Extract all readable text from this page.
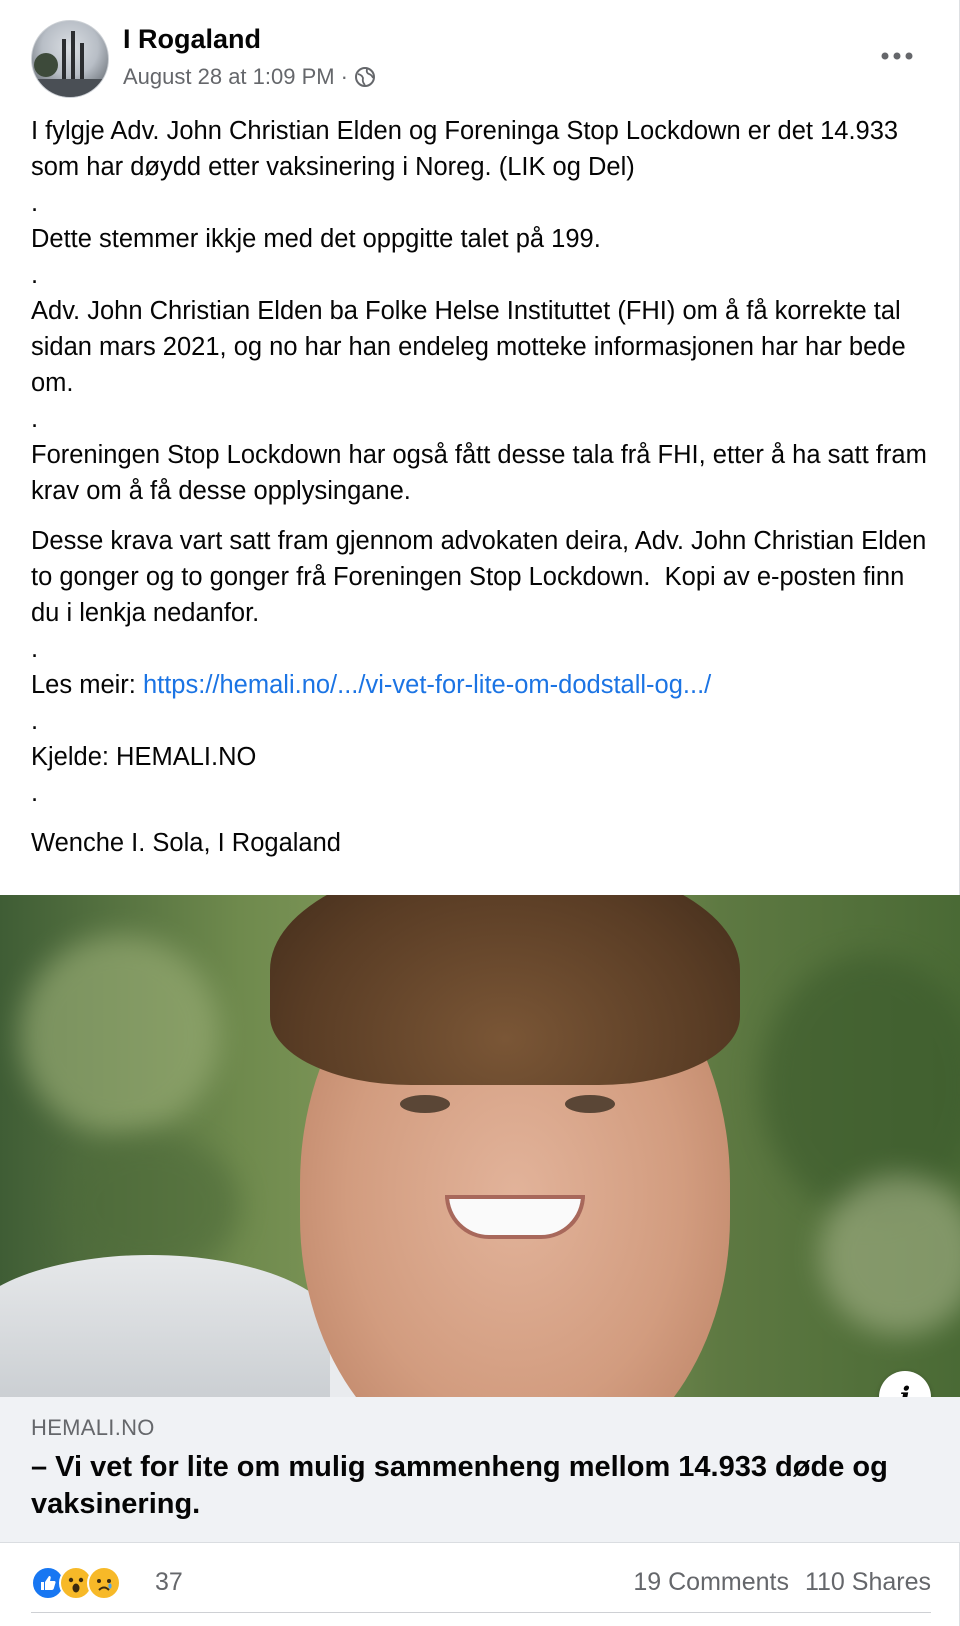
I Rogaland
August 28 at 1:09 PM ·

I fylgje Adv. John Christian Elden og Foreninga Stop Lockdown er det 14.933 som har døydd etter vaksinering i Noreg. (LIK og Del)

.

Dette stemmer ikkje med det oppgitte talet på 199.

.

Adv. John Christian Elden ba Folke Helse Instituttet (FHI) om å få korrekte tal sidan mars 2021, og no har han endeleg motteke informasjonen har har bede om.

.

Foreningen Stop Lockdown har også fått desse tala frå FHI, etter å ha satt fram krav om å få desse opplysingane.

Desse krava vart satt fram gjennom advokaten deira, Adv. John Christian Elden to gonger og to gonger frå Foreningen Stop Lockdown.  Kopi av e-posten finn du i lenkja nedanfor.

.

Les meir: https://hemali.no/.../vi-vet-for-lite-om-dodstall-og.../

.

Kjelde: HEMALI.NO

.

Wenche I. Sola, I Rogaland

HEMALI.NO
– Vi vet for lite om mulig sammenheng mellom 14.933 døde og vaksinering.
37	19 Comments 110 Shares
